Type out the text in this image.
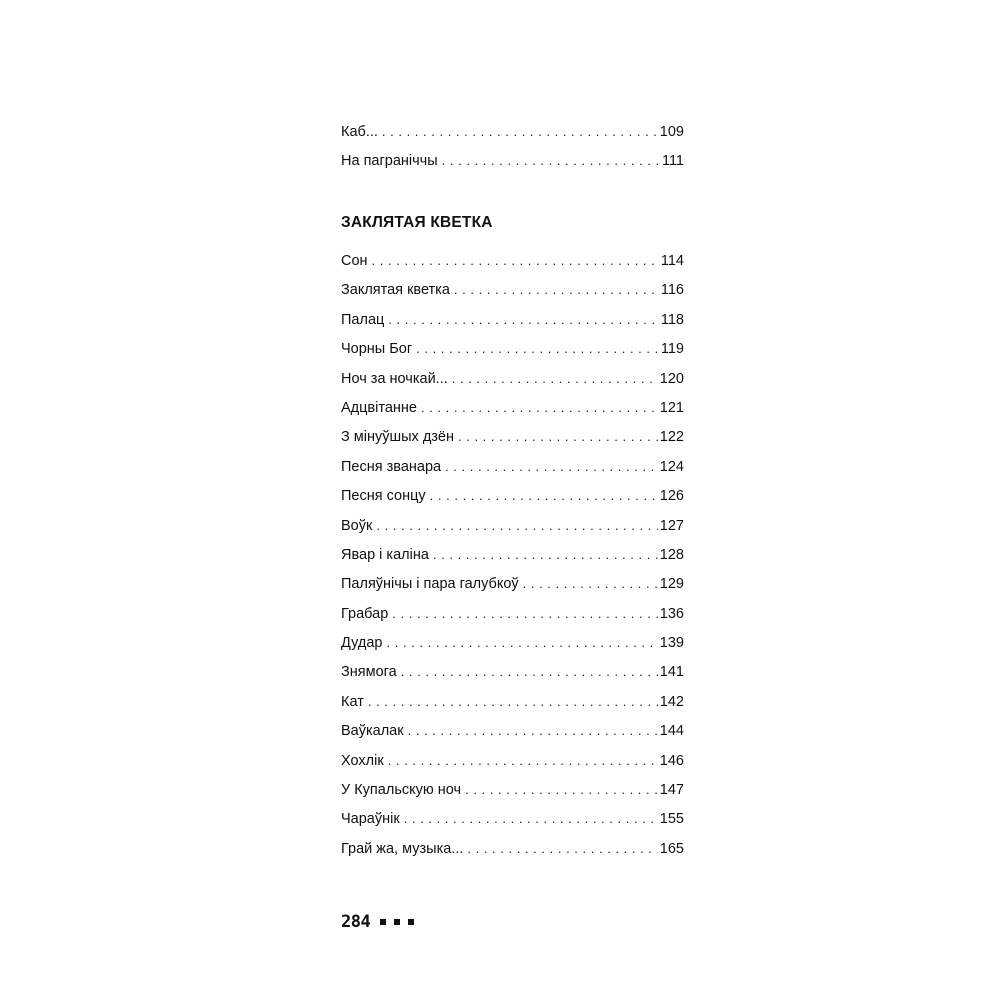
Каб... . . .	109
На пагранiччы . . .	111
ЗАКЛЯТАЯ КВЕТКА
Сон . . .	114
Заклятая кветка . . .	116
Палац . . .	118
Чорны Бог . . .	119
Ноч за ночкай... . . .	120
Адцвiтанне . . .	121
З мiнуўшых дзён . . .	122
Песня званара . . .	124
Песня сонцу . . .	126
Воўк . . .	127
Явар i калiна . . .	128
Паляўнiчы i пара галубкоў . . .	129
Грабар . . .	136
Дудар . . .	139
Знямога . . .	141
Кат . . .	142
Ваўкалак . . .	144
Хохлiк . . .	146
У Купальскую ноч . . .	147
Чараўнiк . . .	155
Грай жа, музыка... . . .	165
284
